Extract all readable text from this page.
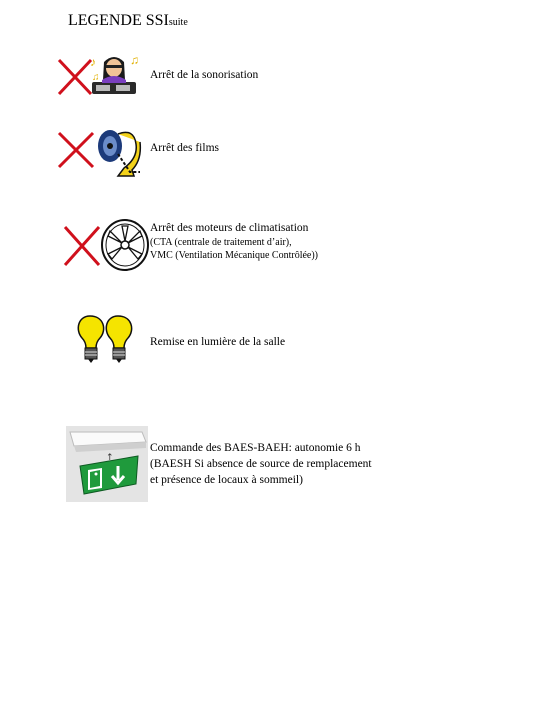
LEGENDE SSIsuite
♪	♫
♫	Arrêt de la sonorisation
Arrêt des films
Arrêt des moteurs de climatisation
(CTA (centrale de traitement d’air),
VMC (Ventilation Mécanique Contrôlée))
Remise en lumière de la salle
↑
Commande des BAES-BAEH: autonomie 6 h
(BAESH Si absence de source de remplacement
et présence de locaux à sommeil)
